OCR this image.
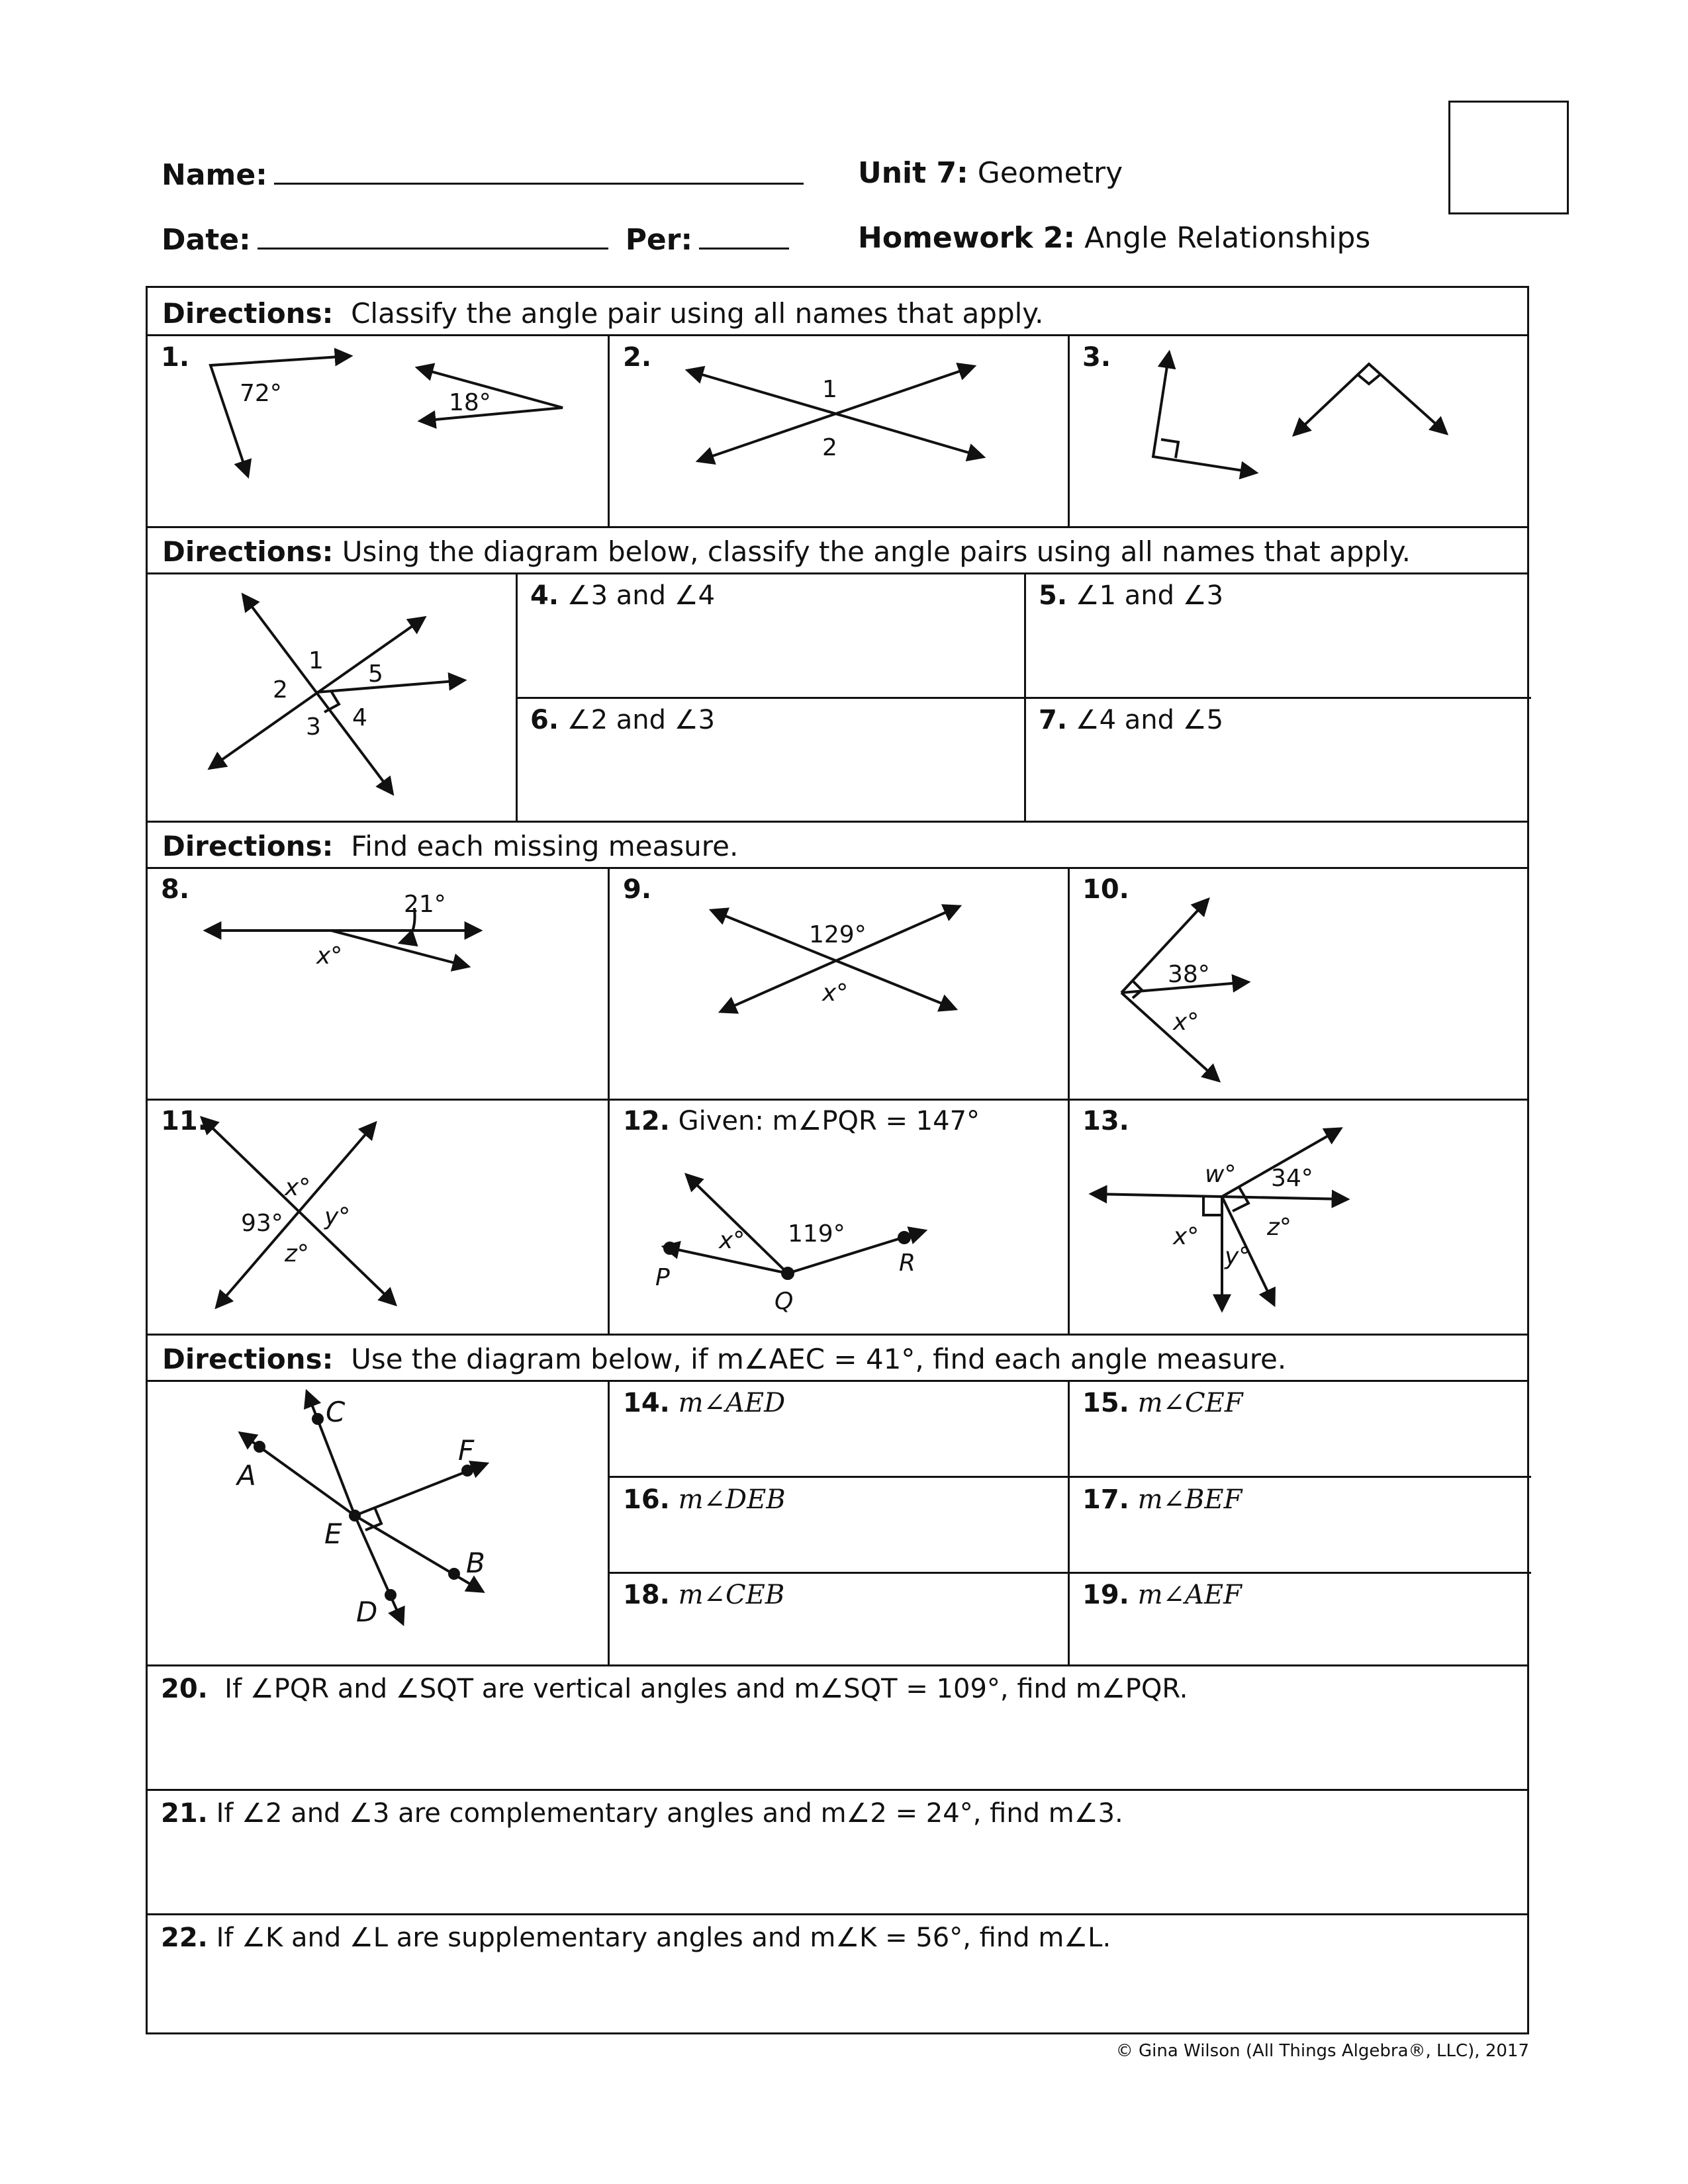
Name:
Date:	Per:
Unit 7: Geometry
Homework 2: Angle Relationships
Directions: Classify the angle pair using all names that apply.
Directions: Using the diagram below, classify the angle pairs using all names that apply.
Directions: Find each missing measure.
Directions: Use the diagram below, if m∠AEC = 41°, find each angle measure.
1.	2.	3.
4. ∠3 and ∠4	5. ∠1 and ∠3
6. ∠2 and ∠3	7. ∠4 and ∠5
8.	9.	10.
11.	12. Given: m∠PQR = 147°	13.
14. m∠AED	15. m∠CEF
16. m∠DEB	17. m∠BEF
18. m∠CEB	19. m∠AEF
20. If ∠PQR and ∠SQT are vertical angles and m∠SQT = 109°, find m∠PQR.
21. If ∠2 and ∠3 are complementary angles and m∠2 = 24°, find m∠3.
22. If ∠K and ∠L are supplementary angles and m∠K = 56°, find m∠L.
72°	18°	1
2
1
2
3 4
5
21°
x°
129°
x°
38°
x°
93°
x°
y°
z°	x° 119°
P
Q
R
w° 34°
x°
y°
z°
A
B
C
D
E
F
© Gina Wilson (All Things Algebra®, LLC), 2017
